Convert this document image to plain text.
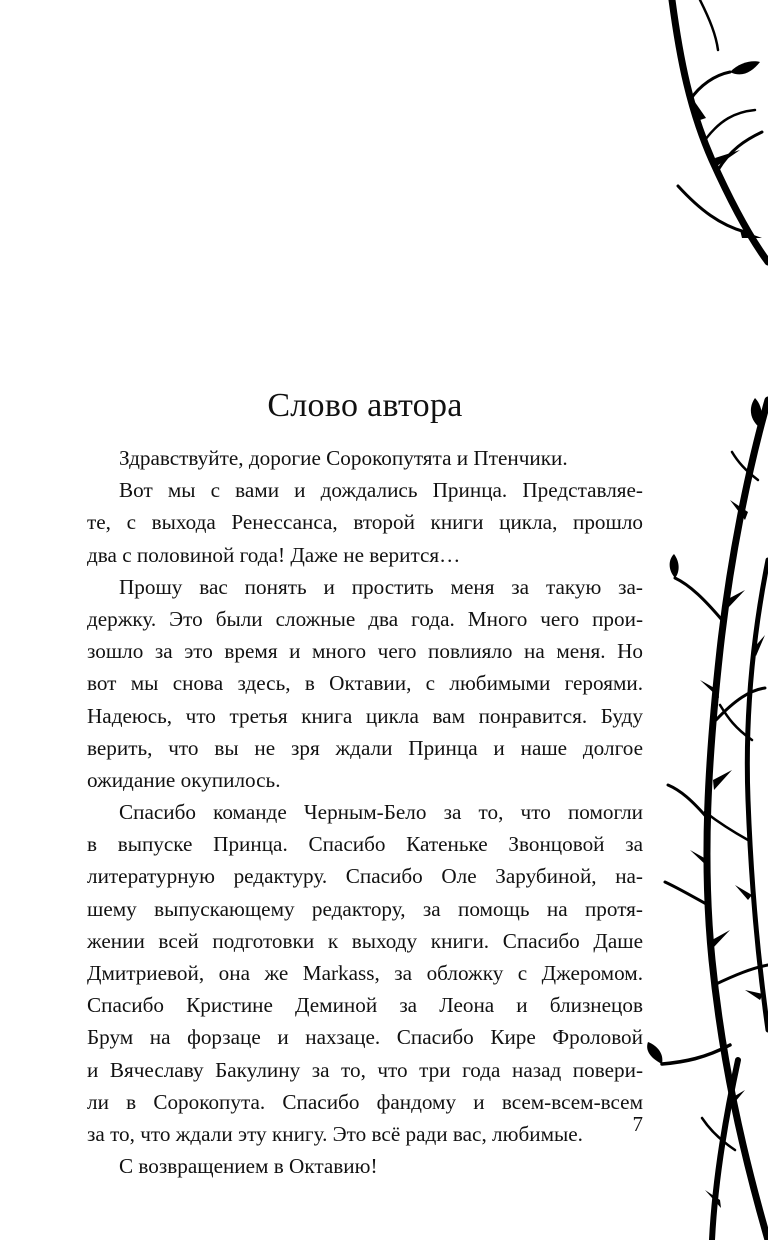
Слово автора
Здравствуйте, дорогие Сорокопутята и Птенчики.
Вот мы с вами и дождались Принца. Представляе-
те, с выхода Ренессанса, второй книги цикла, прошло
два с половиной года! Даже не верится…
Прошу вас понять и простить меня за такую за-
держку. Это были сложные два года. Много чего прои-
зошло за это время и много чего повлияло на меня. Но
вот мы снова здесь, в Октавии, с любимыми героями.
Надеюсь, что третья книга цикла вам понравится. Буду
верить, что вы не зря ждали Принца и наше долгое
ожидание окупилось.
Спасибо команде Черным-Бело за то, что помогли
в выпуске Принца. Спасибо Катеньке Звонцовой за
литературную редактуру. Спасибо Оле Зарубиной, на-
шему выпускающему редактору, за помощь на протя-
жении всей подготовки к выходу книги. Спасибо Даше
Дмитриевой, она же Markass, за обложку с Джеромом.
Спасибо Кристине Деминой за Леона и близнецов
Брум на форзаце и нахзаце. Спасибо Кире Фроловой
и Вячеславу Бакулину за то, что три года назад повери-
ли в Сорокопута. Спасибо фандому и всем-всем-всем
за то, что ждали эту книгу. Это всё ради вас, любимые.
С возвращением в Октавию!
7
